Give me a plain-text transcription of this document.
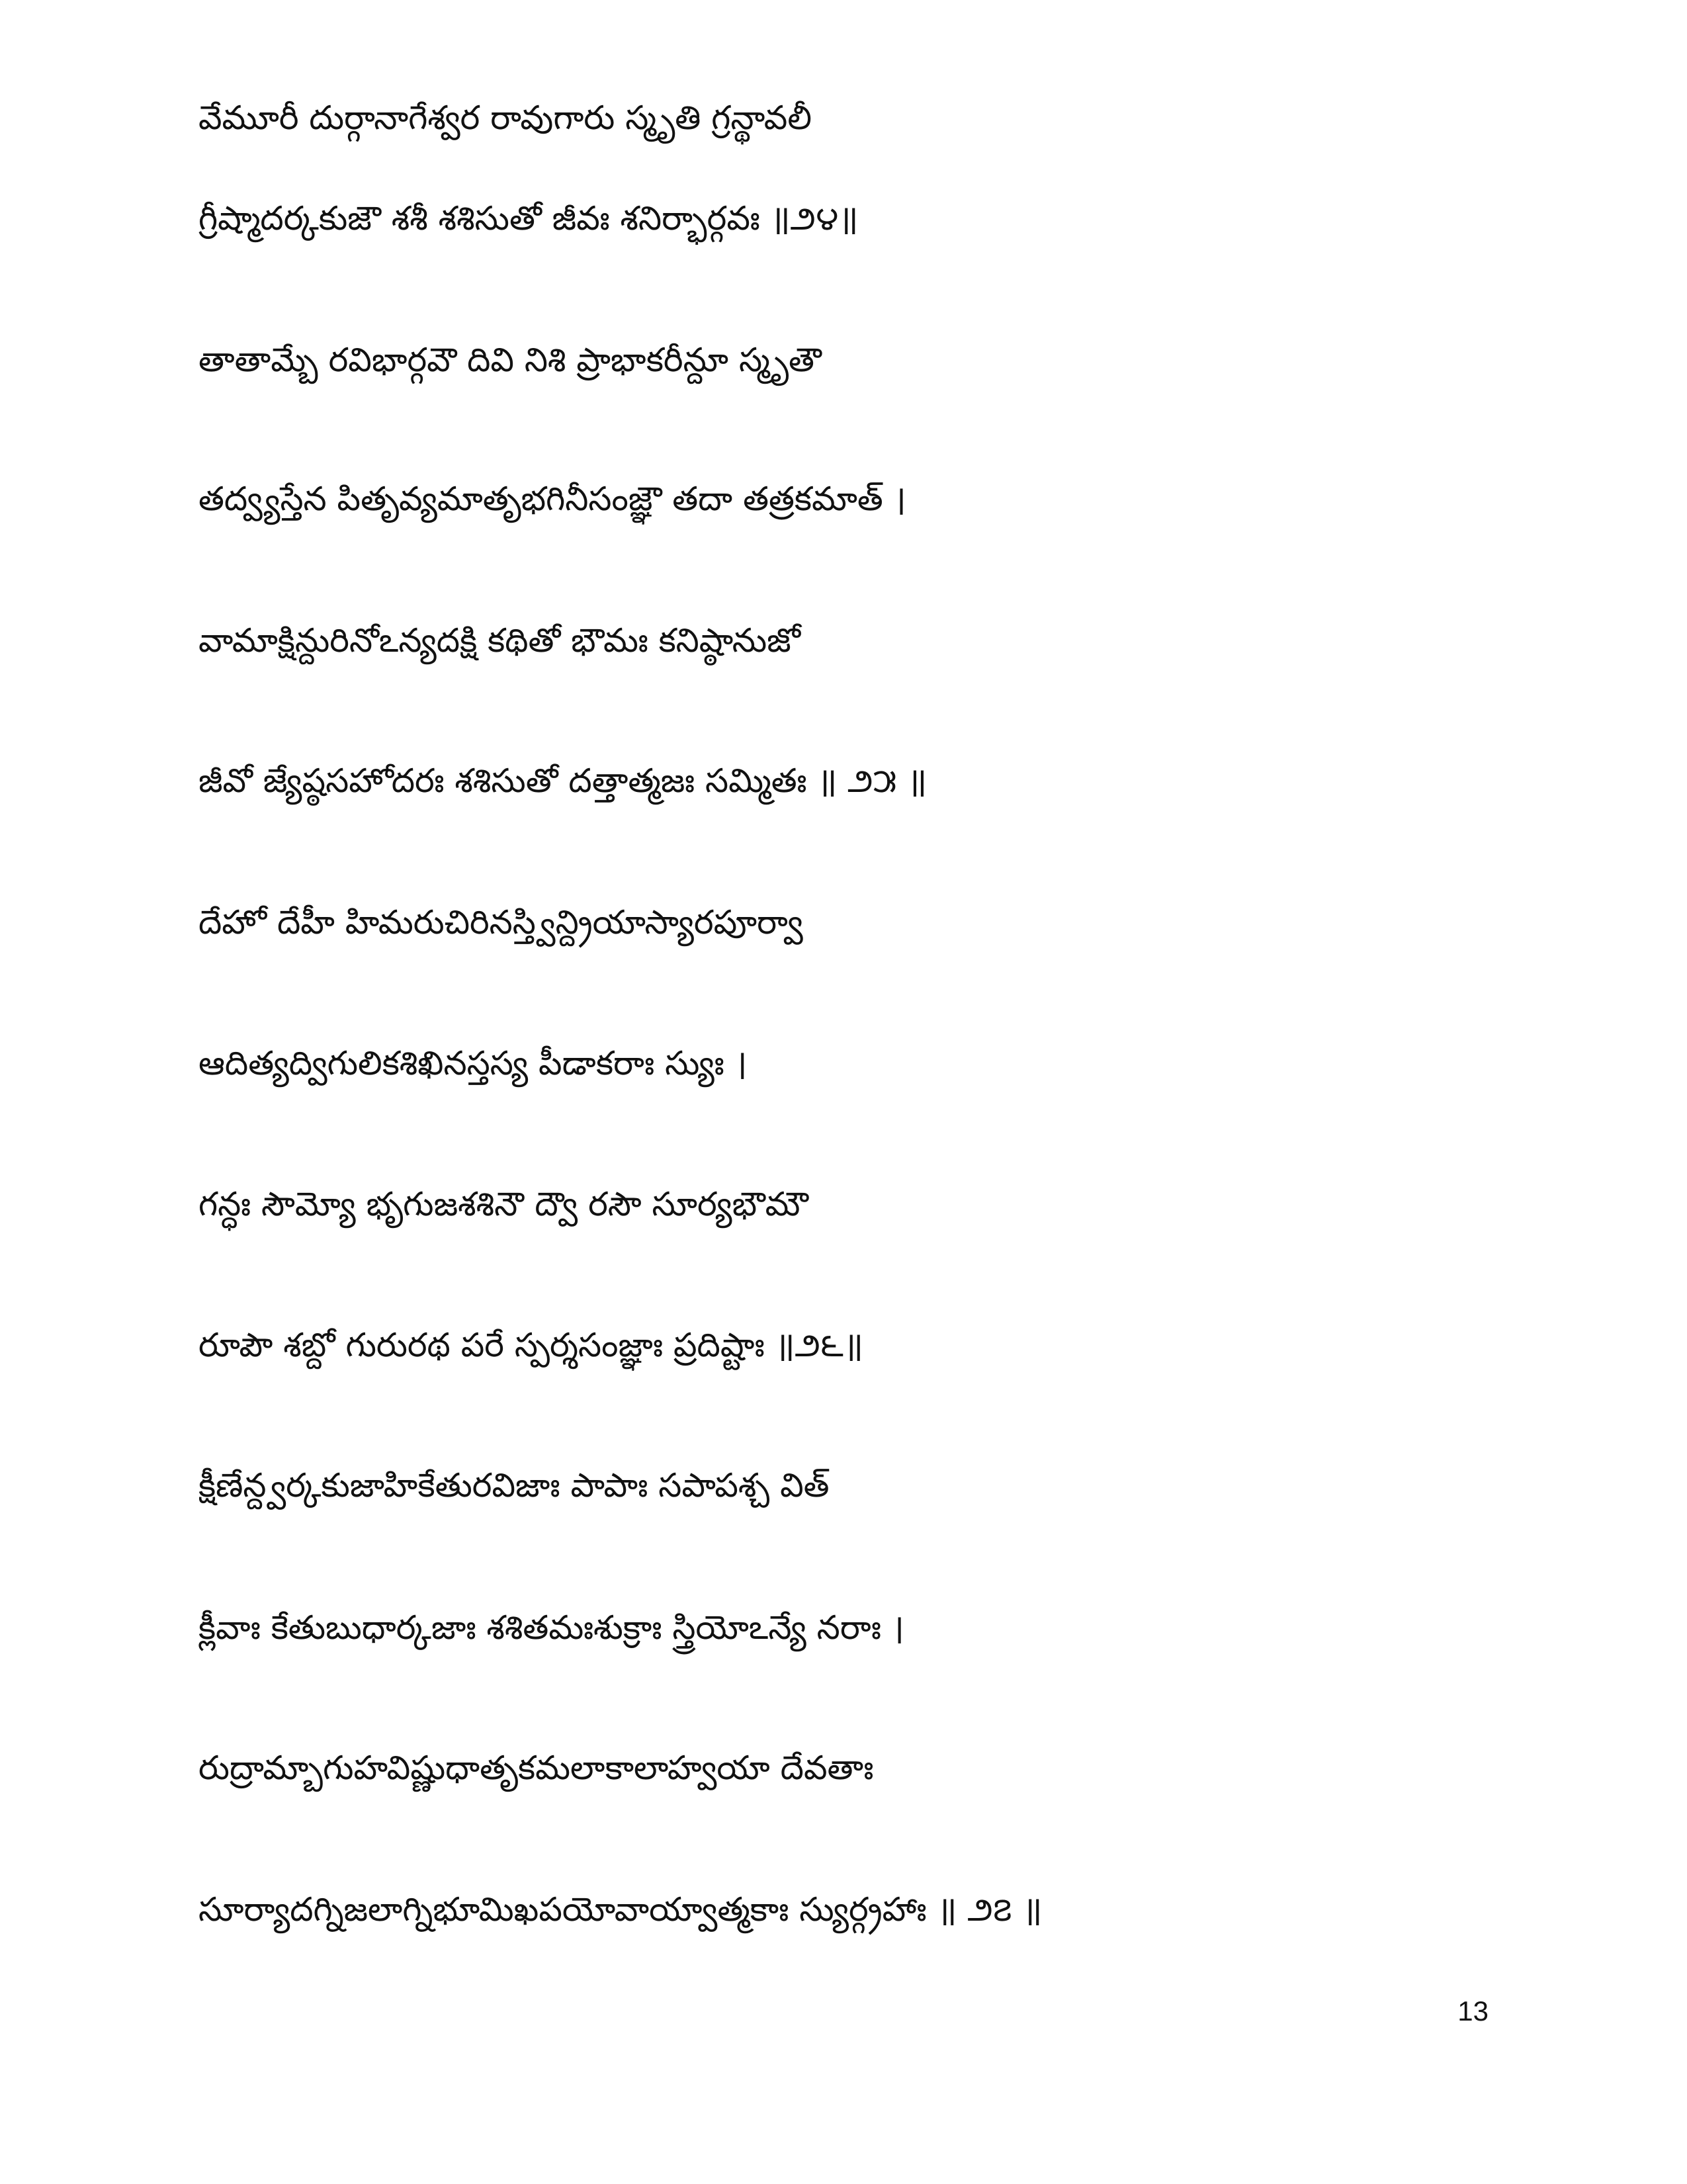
వేమూరీ దుర్గానాగేశ్వర రావుగారు స్మృతి గ్రన్థావలీ
గ్రీష్మాదర్కకుజౌ శశీ శశిసుతో జీవః శనిర్భార్గవః ॥౨౪॥
తాతామ్బే రవిభార్గవౌ దివి నిశి ప్రాభాకరీన్దూ స్మృతౌ
తద్వ్యస్తేన పితృవ్యమాతృభగినీసంజ్ఞౌ తదా తత్రకమాత్ ।
వామాక్షిన్దురినోఽన్యదక్షి కథితో భౌమః కనిష్ఠానుజో
జీవో జ్యేష్ఠసహోదరః శశిసుతో దత్తాత్మజః సమ్మితః ॥ ౨౫ ॥
దేహో దేహీ హిమరుచిరినస్త్విన్ద్రియాస్యారపూర్వా
ఆదిత్యద్విగులికశిఖినస్తస్య పీడాకరాః స్యుః ।
గన్ధః సౌమ్యో భృగుజశశినౌ ద్వౌ రసౌ సూర్యభౌమౌ
రూపౌ శబ్దో గురురథ పరే స్పర్శసంజ్ఞాః ప్రదిష్టాః ॥౨౬॥
క్షీణేన్ద్వర్కకుజాహికేతురవిజాః పాపాః సపాపశ్చ విత్
క్లీవాః కేతుబుధార్కజాః శశితమఃశుక్రాః స్త్రియోఽన్యే నరాః ।
రుద్రామ్బాగుహవిష్ణుధాతృకమలాకాలాహ్వయా దేవతాః
సూర్యాదగ్నిజలాగ్నిభూమిఖపయోవాయ్వాత్మకాః స్యుర్గ్రహాః ॥ ౨౭ ॥
13
